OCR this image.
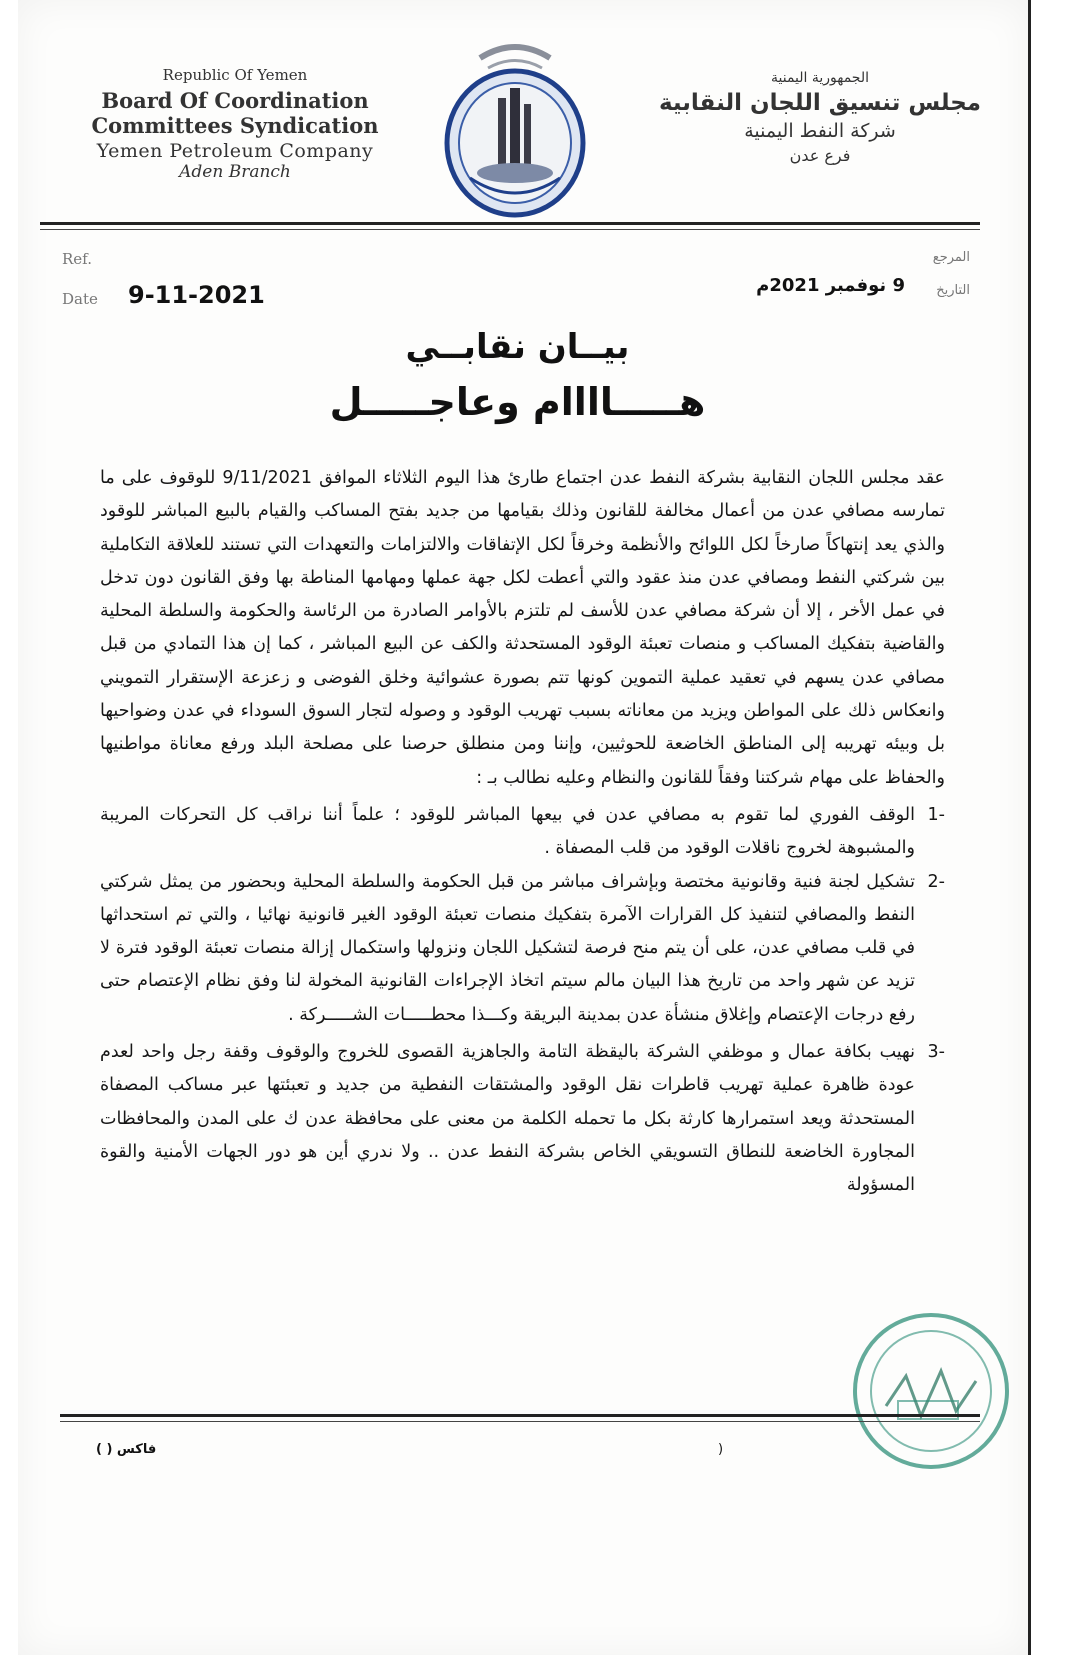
Republic Of Yemen
Board Of Coordination
Committees Syndication
Yemen Petroleum Company
Aden Branch
الجمهورية اليمنية
مجلس تنسيق اللجان النقابية
شركة النفط اليمنية
فرع عدن
Ref.
Date 9-11-2021
المرجع
التاريخ
9 نوفمبر 2021م
بيــان نقابــي
هـــــاااام وعاجـــــل

عقد مجلس اللجان النقابية بشركة النفط عدن اجتماع طارئ هذا اليوم الثلاثاء الموافق 9/11/2021 للوقوف على ما تمارسه مصافي عدن من أعمال مخالفة للقانون وذلك بقيامها من جديد بفتح المساكب والقيام بالبيع المباشر للوقود والذي يعد إنتهاكاً صارخاً لكل اللوائح والأنظمة وخرقاً لكل الإتفاقات والالتزامات والتعهدات التي تستند للعلاقة التكاملية بين شركتي النفط ومصافي عدن منذ عقود والتي أعطت لكل جهة عملها ومهامها المناطة بها وفق القانون دون تدخل في عمل الأخر ، إلا أن شركة مصافي عدن للأسف لم تلتزم بالأوامر الصادرة من الرئاسة والحكومة والسلطة المحلية والقاضية بتفكيك المساكب و منصات تعبئة الوقود المستحدثة والكف عن البيع المباشر ، كما إن هذا التمادي من قبل مصافي عدن يسهم في تعقيد عملية التموين كونها تتم بصورة عشوائية وخلق الفوضى و زعزعة الإستقرار التمويني وانعكاس ذلك على المواطن ويزيد من معاناته بسبب تهريب الوقود و وصوله لتجار السوق السوداء في عدن وضواحيها بل وبيئه تهريبه إلى المناطق الخاضعة للحوثيين، وإننا ومن منطلق حرصنا على مصلحة البلد ورفع معاناة مواطنيها والحفاظ على مهام شركتنا وفقاً للقانون والنظام وعليه نطالب بـ :

-1
الوقف الفوري لما تقوم به مصافي عدن في بيعها المباشر للوقود ؛ علماً أننا نراقب كل التحركات المريبة والمشبوهة لخروج ناقلات الوقود من قلب المصفاة .
-2
تشكيل لجنة فنية وقانونية مختصة وبإشراف مباشر من قبل الحكومة والسلطة المحلية وبحضور من يمثل شركتي النفط والمصافي لتنفيذ كل القرارات الآمرة بتفكيك منصات تعبئة الوقود الغير قانونية نهائيا ، والتي تم استحداثها في قلب مصافي عدن، على أن يتم منح فرصة لتشكيل اللجان ونزولها واستكمال إزالة منصات تعبئة الوقود فترة لا تزيد عن شهر واحد من تاريخ هذا البيان مالم سيتم اتخاذ الإجراءات القانونية المخولة لنا وفق نظام الإعتصام حتى رفع درجات الإعتصام وإغلاق منشأة عدن بمدينة البريقة وكـــذا محطـــــات الشـــــركة .
-3
نهيب بكافة عمال و موظفي الشركة باليقظة التامة والجاهزية القصوى للخروج والوقوف وقفة رجل واحد لعدم عودة ظاهرة عملية تهريب قاطرات نقل الوقود والمشتقات النفطية من جديد و تعبئتها عبر مساكب المصفاة المستحدثة ويعد استمرارها كارثة بكل ما تحمله الكلمة من معنى على محافظة عدن ك على المدن والمحافظات المجاورة الخاضعة للنطاق التسويقي الخاص بشركة النفط عدن .. ولا ندري أين هو دور الجهات الأمنية والقوة المسؤولة
فاكس ( )	)
